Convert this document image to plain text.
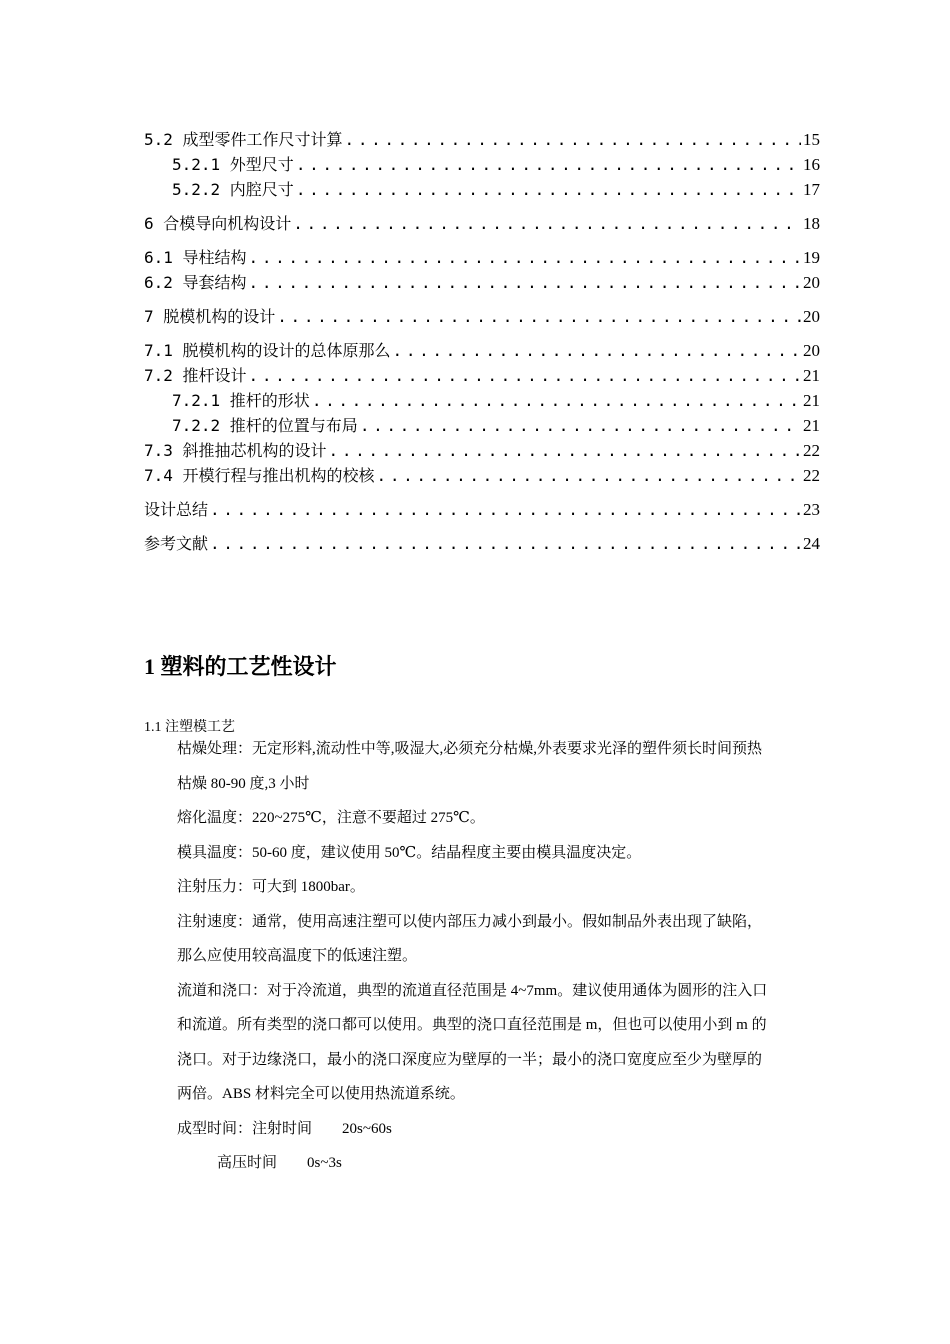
5.2 成型零件工作尺寸计算 . . .	15
5.2.1 外型尺寸 . . .	16
5.2.2 内腔尺寸 . . .	17
6 合模导向机构设计 . . .	18
6.1 导柱结构 . . .	19
6.2 导套结构 . . .	20
7 脱模机构的设计 . . .	20
7.1 脱模机构的设计的总体原那么 . . .	20
7.2 推杆设计 . . .	21
7.2.1 推杆的形状 . . .	21
7.2.2 推杆的位置与布局 . . .	21
7.3 斜推抽芯机构的设计 . . .	22
7.4 开模行程与推出机构的校核 . . .	22
设计总结 . . .	23
参考文献 . . .	24
1 塑料的工艺性设计
1.1 注塑模工艺
枯燥处理：无定形料,流动性中等,吸湿大,必须充分枯燥,外表要求光泽的塑件须长时间预热
枯燥 80-90 度,3 小时
熔化温度：220~275℃，注意不要超过 275℃。
模具温度：50-60 度，建议使用 50℃。结晶程度主要由模具温度决定。
注射压力：可大到 1800bar。
注射速度：通常，使用高速注塑可以使内部压力减小到最小。假如制品外表出现了缺陷，
那么应使用较高温度下的低速注塑。
流道和浇口：对于冷流道，典型的流道直径范围是 4~7mm。建议使用通体为圆形的注入口
和流道。所有类型的浇口都可以使用。典型的浇口直径范围是 m，但也可以使用小到 m 的
浇口。对于边缘浇口，最小的浇口深度应为壁厚的一半；最小的浇口宽度应至少为壁厚的
两倍。ABS 材料完全可以使用热流道系统。
成型时间：注射时间 20s~60s
高压时间 0s~3s
